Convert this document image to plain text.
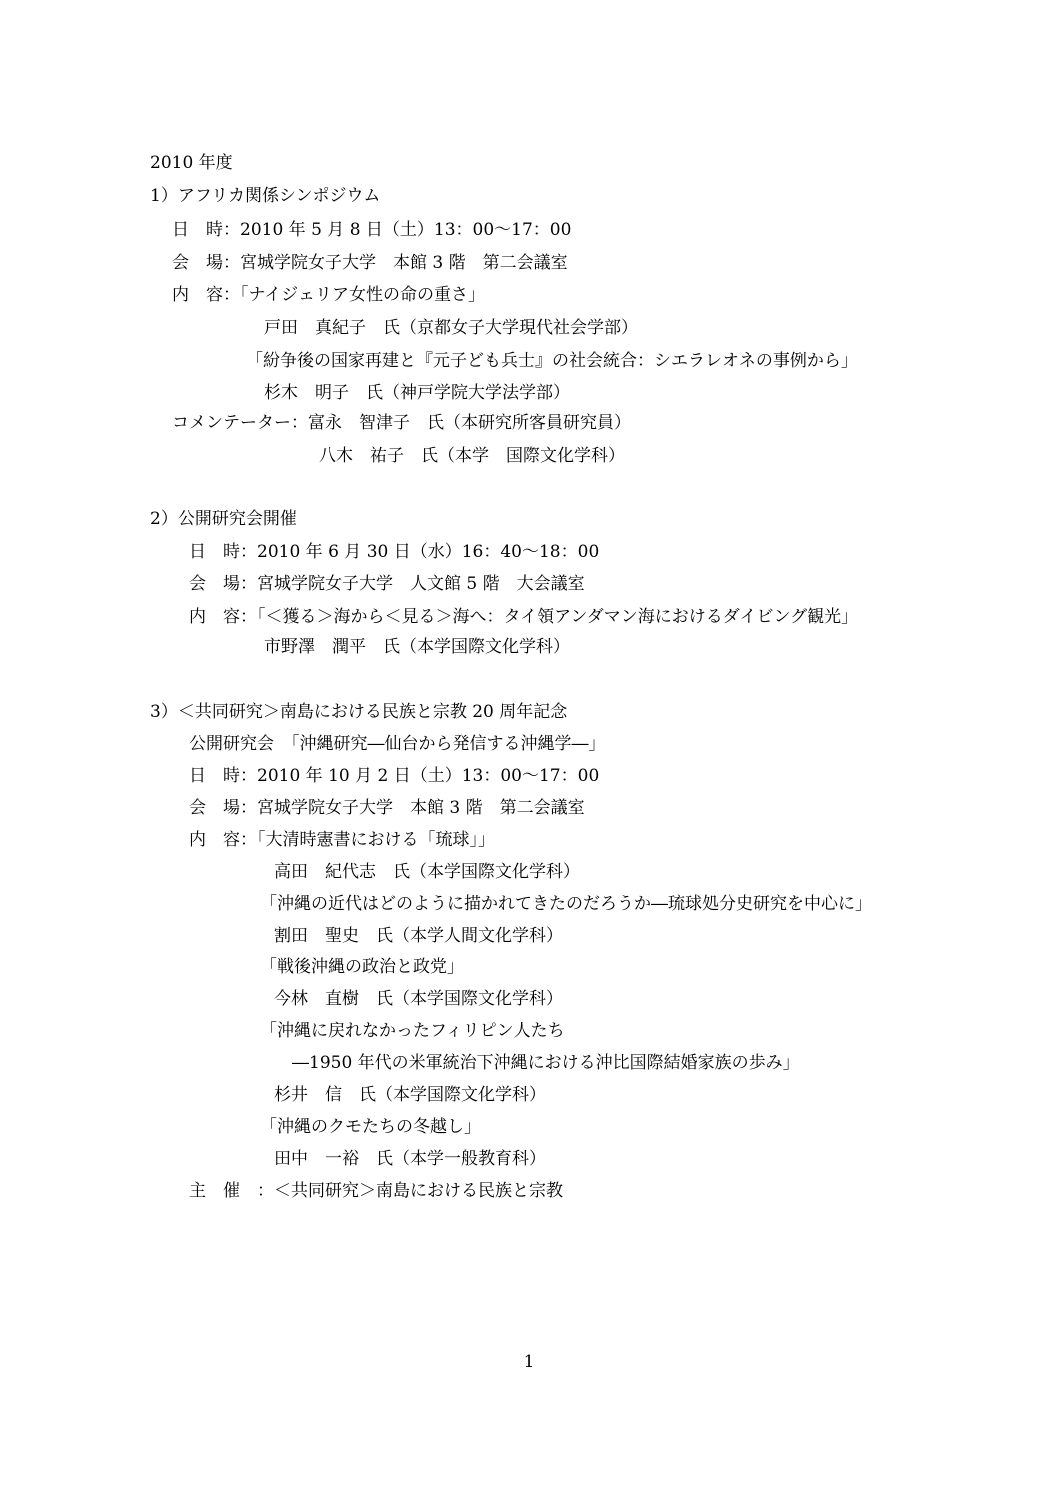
2010 年度
1）アフリカ関係シンポジウム
日　時：2010 年 5 月 8 日（土）13：00～17：00
会　場：宮城学院女子大学　本館 3 階　第二会議室
内　容：「ナイジェリア女性の命の重さ」
戸田　真紀子　氏（京都女子大学現代社会学部）
「紛争後の国家再建と『元子ども兵士』の社会統合：シエラレオネの事例から」
杉木　明子　氏（神戸学院大学法学部）
コメンテーター：富永　智津子　氏（本研究所客員研究員）
八木　祐子　氏（本学　国際文化学科）
2）公開研究会開催
日　時：2010 年 6 月 30 日（水）16：40～18：00
会　場：宮城学院女子大学　人文館 5 階　大会議室
内　容：「＜獲る＞海から＜見る＞海へ：タイ領アンダマン海におけるダイビング観光」
市野澤　潤平　氏（本学国際文化学科）
3）＜共同研究＞南島における民族と宗教 20 周年記念
公開研究会　「沖縄研究―仙台から発信する沖縄学―」
日　時：2010 年 10 月 2 日（土）13：00～17：00
会　場：宮城学院女子大学　本館 3 階　第二会議室
内　容：「大清時憲書における「琉球」」
高田　紀代志　氏（本学国際文化学科）
「沖縄の近代はどのように描かれてきたのだろうか―琉球処分史研究を中心に」
割田　聖史　氏（本学人間文化学科）
「戦後沖縄の政治と政党」
今林　直樹　氏（本学国際文化学科）
「沖縄に戻れなかったフィリピン人たち
―1950 年代の米軍統治下沖縄における沖比国際結婚家族の歩み」
杉井　信　氏（本学国際文化学科）
「沖縄のクモたちの冬越し」
田中　一裕　氏（本学一般教育科）
主　催　：＜共同研究＞南島における民族と宗教
1
